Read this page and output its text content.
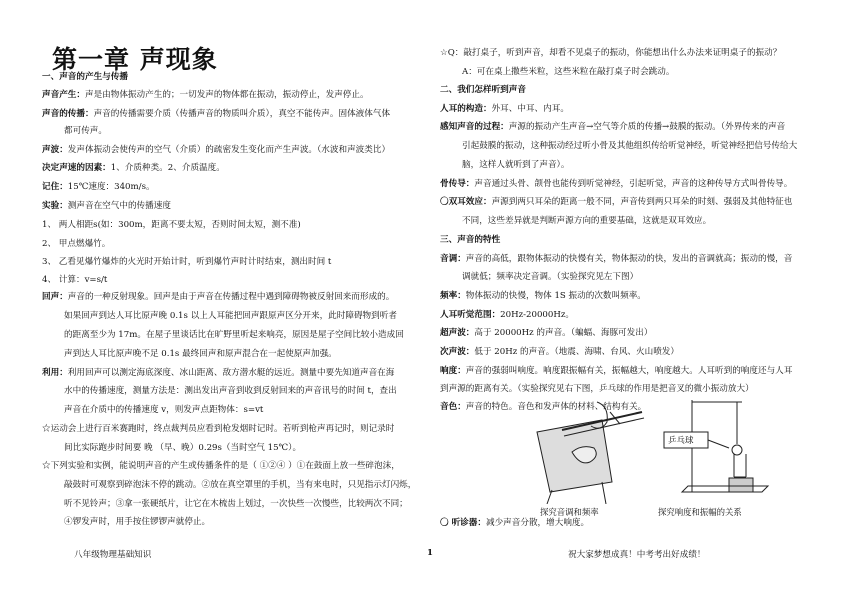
第一章 声现象
一、声音的产生与传播
声音产生：声是由物体振动产生的；一切发声的物体都在振动，振动停止，发声停止。
声音的传播：声音的传播需要介质（传播声音的物质叫介质），真空不能传声。固体液体气体
都可传声。
声波：发声体振动会使传声的空气（介质）的疏密发生变化而产生声波。（水波和声波类比）
决定声速的因素：1、介质种类。2、介质温度。
记住：15℃速度：340m/s。
实验：测声音在空气中的传播速度
1、 两人相距s(如：300m，距离不要太短，否则时间太短，测不准)
2、 甲点燃爆竹。
3、 乙看见爆竹爆炸的火光时开始计时，听到爆竹声时计时结束，测出时间 t
4、 计算：v=s/t
回声：声音的一种反射现象。回声是由于声音在传播过程中遇到障碍物被反射回来而形成的。
如果回声到达人耳比原声晚 0.1s 以上人耳能把回声跟原声区分开来，此时障碍物到听者
的距离至少为 17m。在屋子里谈话比在旷野里听起来响亮，原因是屋子空间比较小造成回
声到达人耳比原声晚不足 0.1s 最终回声和原声混合在一起使原声加强。
利用：利用回声可以测定海底深度、冰山距离、敌方潜水艇的远近。测量中要先知道声音在海
水中的传播速度，测量方法是：测出发出声音到收到反射回来的声音讯号的时间 t，查出
声音在介质中的传播速度 v，则发声点距物体：s=vt
☆运动会上进行百米赛跑时，终点裁判员应看到枪发烟时记时。若听到枪声再记时，则记录时
间比实际跑步时间要 晚 （早、晚）0.29s（当时空气 15℃）。
☆下列实验和实例，能说明声音的产生或传播条件的是（ ①②④ ）①在鼓面上放一些碎泡沫，
敲鼓时可观察到碎泡沫不停的跳动。②放在真空罩里的手机，当有来电时，只见指示灯闪烁，
听不见铃声；③拿一张硬纸片，让它在木梳齿上划过，一次快些一次慢些，比较两次不同；
④锣发声时，用手按住锣锣声就停止。
☆Q：敲打桌子，听到声音，却看不见桌子的振动，你能想出什么办法来证明桌子的振动？
A：可在桌上撒些米粒，这些米粒在敲打桌子时会跳动。
二、我们怎样听到声音
人耳的构造：外耳、中耳、内耳。
感知声音的过程：声源的振动产生声音→空气等介质的传播→鼓膜的振动。（外界传来的声音
引起鼓膜的振动，这种振动经过听小骨及其他组织传给听觉神经，听觉神经把信号传给大
脑，这样人就听到了声音）。
骨传导：声音通过头骨、颌骨也能传到听觉神经，引起听觉，声音的这种传导方式叫骨传导。
〇双耳效应：声源到两只耳朵的距离一般不同，声音传到两只耳朵的时刻、强弱及其他特征也
不同，这些差异就是判断声源方向的重要基础，这就是双耳效应。
三、声音的特性
音调：声音的高低，跟物体振动的快慢有关，物体振动的快，发出的音调就高；振动的慢，音
调就低；频率决定音调。（实验探究见左下图）
频率：物体振动的快慢，物体 1S 振动的次数叫频率。
人耳听觉范围：20Hz-20000Hz。
超声波：高于 20000Hz 的声音。（蝙蝠、海豚可发出）
次声波：低于 20Hz 的声音。（地震、海啸、台风、火山喷发）
响度：声音的强弱叫响度。响度跟振幅有关，振幅越大，响度越大。人耳听到的响度还与人耳
到声源的距离有关。（实验探究见右下图，乒乓球的作用是把音叉的微小振动放大）
音色：声音的特色。音色和发声体的材料、结构有关。
〇 听诊器：减少声音分散，增大响度。
乒乓球
探究音调和频率	探究响度和振幅的关系
八年级物理基础知识	1	祝大家梦想成真！中考考出好成绩！
